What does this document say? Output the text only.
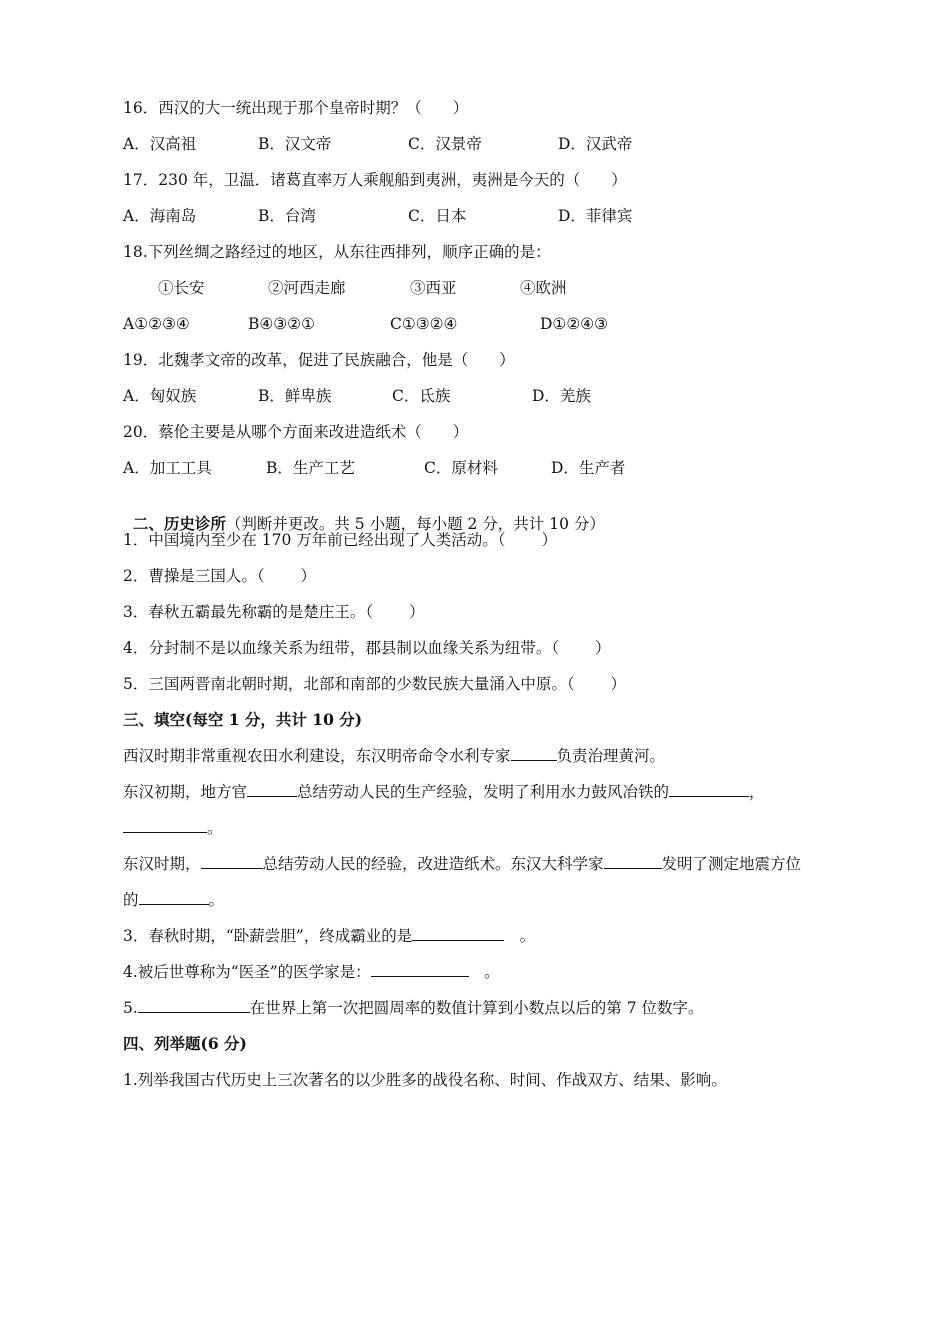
16．西汉的大一统出现于那个皇帝时期？（　　）
A．汉高祖	B．汉文帝	C．汉景帝	D．汉武帝
17．230 年，卫温．诸葛直率万人乘舰船到夷洲，夷洲是今天的（　　）
A．海南岛	B．台湾	C．日本	D．菲律宾
18.下列丝绸之路经过的地区，从东往西排列，顺序正确的是：
①长安	②河西走廊	③西亚	④欧洲
A①②③④	B④③②①	C①③②④	D①②④③
19．北魏孝文帝的改革，促进了民族融合，他是（　　）
A．匈奴族	B．鲜卑族	C．氐族	D．羌族
20．蔡伦主要是从哪个方面来改进造纸术（　　）
A．加工工具	B．生产工艺	C．原材料	D．生产者

二、历史诊所（判断并更改。共 5 小题，每小题 2 分，共计 10 分）

1．中国境内至少在 170 万年前已经出现了人类活动。（　　 ）
2．曹操是三国人。（　　 ）
3．春秋五霸最先称霸的是楚庄王。（　　 ）
4．分封制不是以血缘关系为纽带，郡县制以血缘关系为纽带。（　　 ）
5．三国两晋南北朝时期，北部和南部的少数民族大量涌入中原。（　　 ）
三、填空(每空 1 分，共计 10 分)
西汉时期非常重视农田水利建设，东汉明帝命令水利专家	负责治理黄河。
东汉初期，地方官	总结劳动人民的生产经验，发明了利用水力鼓风冶铁的	，
。
东汉时期，	总结劳动人民的经验，改进造纸术。东汉大科学家	发明了测定地震方位
的	。
3．春秋时期，“卧薪尝胆”，终成霸业的是	　。
4.被后世尊称为“医圣”的医学家是：	　。
5.	在世界上第一次把圆周率的数值计算到小数点以后的第 7 位数字。
四、列举题(6 分)
1.列举我国古代历史上三次著名的以少胜多的战役名称、时间、作战双方、结果、影响。
